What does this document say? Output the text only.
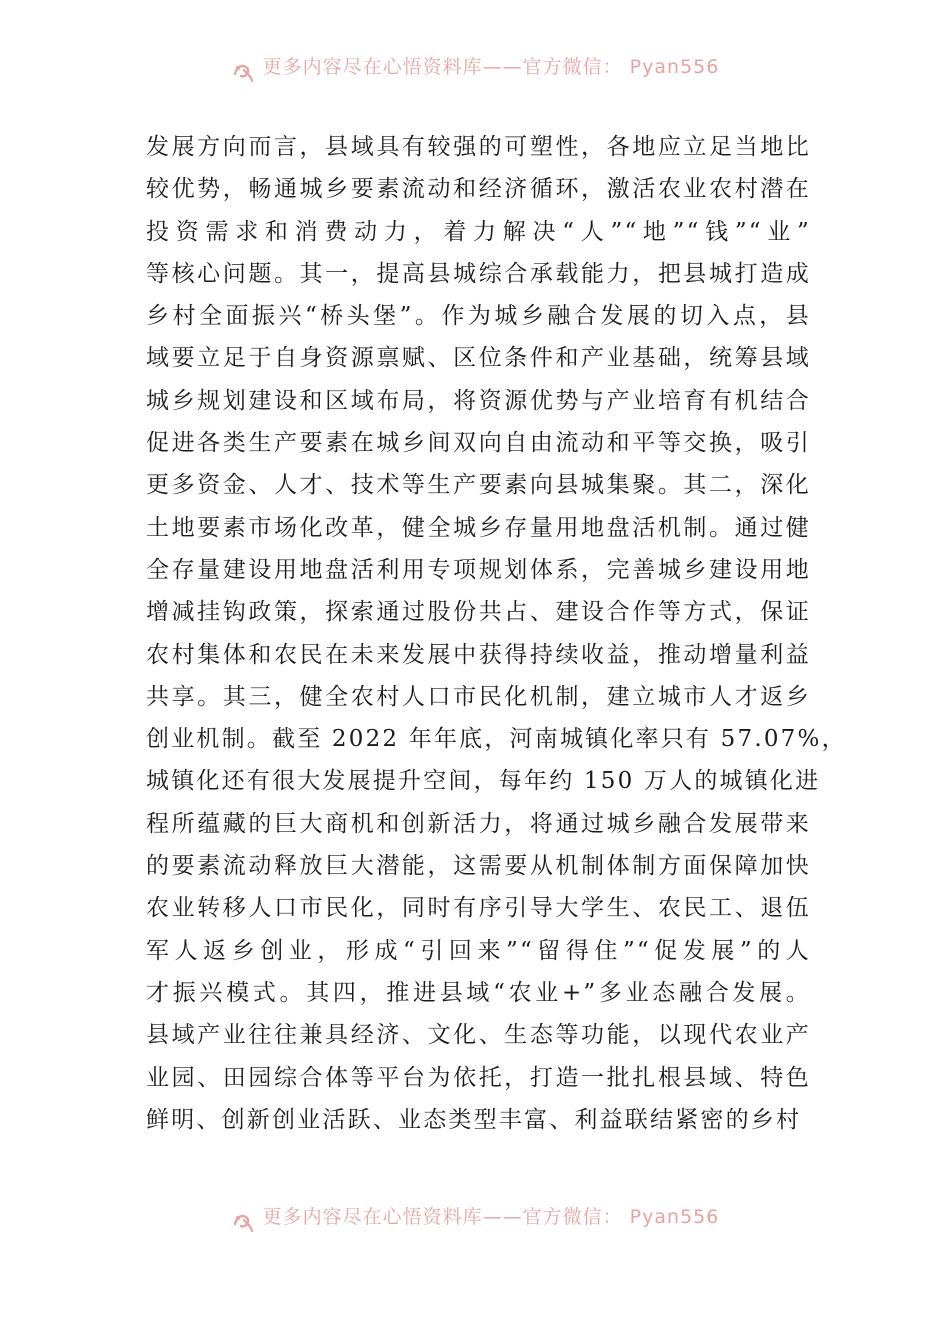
更多内容尽在心悟资料库——官方微信： Pyan556
发展方向而言，县域具有较强的可塑性，各地应立足当地比
较优势，畅通城乡要素流动和经济循环，激活农业农村潜在
投资需求和消费动力，着力解决“人”“地”“钱”“业”
等核心问题。其一，提高县城综合承载能力，把县城打造成
乡村全面振兴“桥头堡”。作为城乡融合发展的切入点，县
域要立足于自身资源禀赋、区位条件和产业基础，统筹县域
城乡规划建设和区域布局，将资源优势与产业培育有机结合
促进各类生产要素在城乡间双向自由流动和平等交换，吸引
更多资金、人才、技术等生产要素向县城集聚。其二，深化
土地要素市场化改革，健全城乡存量用地盘活机制。通过健
全存量建设用地盘活利用专项规划体系，完善城乡建设用地
增减挂钩政策，探索通过股份共占、建设合作等方式，保证
农村集体和农民在未来发展中获得持续收益，推动增量利益
共享。其三，健全农村人口市民化机制，建立城市人才返乡
创业机制。截至 2022 年年底，河南城镇化率只有 57.07%，
城镇化还有很大发展提升空间，每年约 150 万人的城镇化进
程所蕴藏的巨大商机和创新活力，将通过城乡融合发展带来
的要素流动释放巨大潜能，这需要从机制体制方面保障加快
农业转移人口市民化，同时有序引导大学生、农民工、退伍
军人返乡创业，形成“引回来”“留得住”“促发展”的人
才振兴模式。其四，推进县域“农业+”多业态融合发展。
县域产业往往兼具经济、文化、生态等功能，以现代农业产
业园、田园综合体等平台为依托，打造一批扎根县域、特色
鲜明、创新创业活跃、业态类型丰富、利益联结紧密的乡村
更多内容尽在心悟资料库——官方微信： Pyan556
